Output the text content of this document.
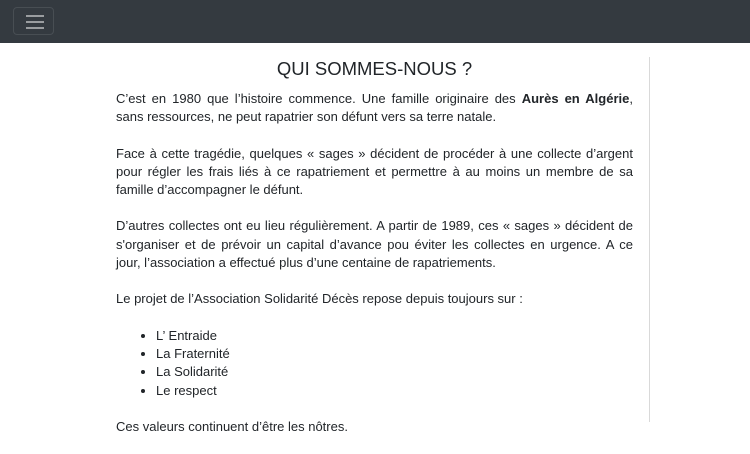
QUI SOMMES-NOUS ?

C’est en 1980 que l’histoire commence. Une famille originaire des Aurès en Algérie, sans ressources, ne peut rapatrier son défunt vers sa terre natale.

Face à cette tragédie, quelques « sages » décident de procéder à une collecte d’argent pour régler les frais liés à ce rapatriement et permettre à au moins un membre de sa famille d’accompagner le défunt.

D’autres collectes ont eu lieu régulièrement. A partir de 1989, ces « sages » décident de s'organiser et de prévoir un capital d’avance pou éviter les collectes en urgence. A ce jour, l’association a effectué plus d’une centaine de rapatriements.

Le projet de l’Association Solidarité Décès repose depuis toujours sur :

• L’ Entraide
• La Fraternité
• La Solidarité
• Le respect

Ces valeurs continuent d’être les nôtres.
